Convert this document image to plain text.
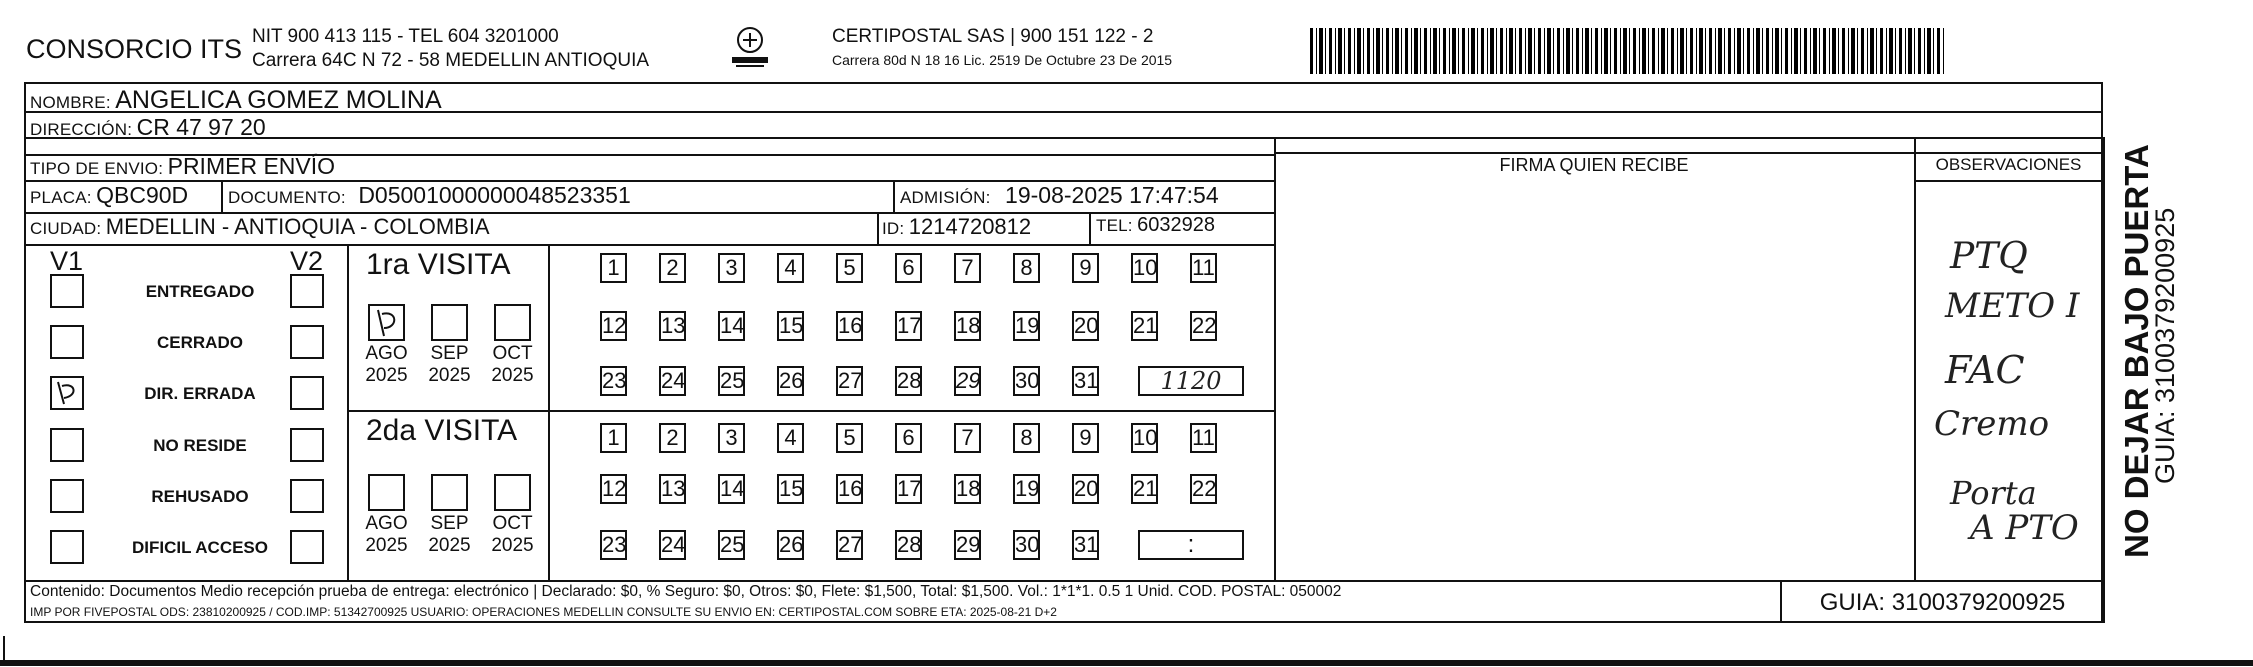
CONSORCIO ITS NIT 900 413 115 - TEL 604 3201000
Carrera 64C N 72 - 58 MEDELLIN ANTIOQUIA
CERTIPOSTAL SAS | 900 151 122 - 2
Carrera 80d N 18 16 Lic. 2519 De Octubre 23 De 2015
NOMBRE: ANGELICA GOMEZ MOLINA
DIRECCIÓN: CR 47 97 20
TIPO DE ENVIO: PRIMER ENVÍO
PLACA: QBC90D DOCUMENTO: D05001000000048523351	ADMISIÓN: 19-08-2025 17:47:54
CIUDAD: MEDELLIN - ANTIOQUIA - COLOMBIA	ID: 1214720812	TEL: 6032928
FIRMA QUIEN RECIBE	OBSERVACIONES
PTQ
METO I
FAC
Cremo
Porta
A PTO
V1	V2
ENTREGADO
CERRADO
DIR. ERRADA
NO RESIDE
REHUSADO
DIFICIL ACCESO
1ra VISITA
AGO
2025
SEP
2025
OCT
2025
1	2	3	4	5	6	7	8	9	10 11
12 13 14 15 16 17 18 19 20 21 22
23 24 25 26 27 28 29 30 31	1120
2da VISITA
AGO
2025
SEP
2025
OCT
2025
1	2	3	4	5	6	7	8	9	10 11
12 13 14 15 16 17 18 19 20 21 22
23 24 25 26 27 28 29 30 31	:
Contenido: Documentos Medio recepción prueba de entrega: electrónico | Declarado: $0, % Seguro: $0, Otros: $0, Flete: $1,500, Total: $1,500. Vol.: 1*1*1. 0.5 1 Unid. COD. POSTAL: 050002
IMP POR FIVEPOSTAL ODS: 23810200925 / COD.IMP: 51342700925 USUARIO: OPERACIONES MEDELLIN CONSULTE SU ENVIO EN: CERTIPOSTAL.COM SOBRE ETA: 2025-08-21 D+2	GUIA: 3100379200925
NO DEJAR BAJO PUERTA
GUIA: 3100379200925
